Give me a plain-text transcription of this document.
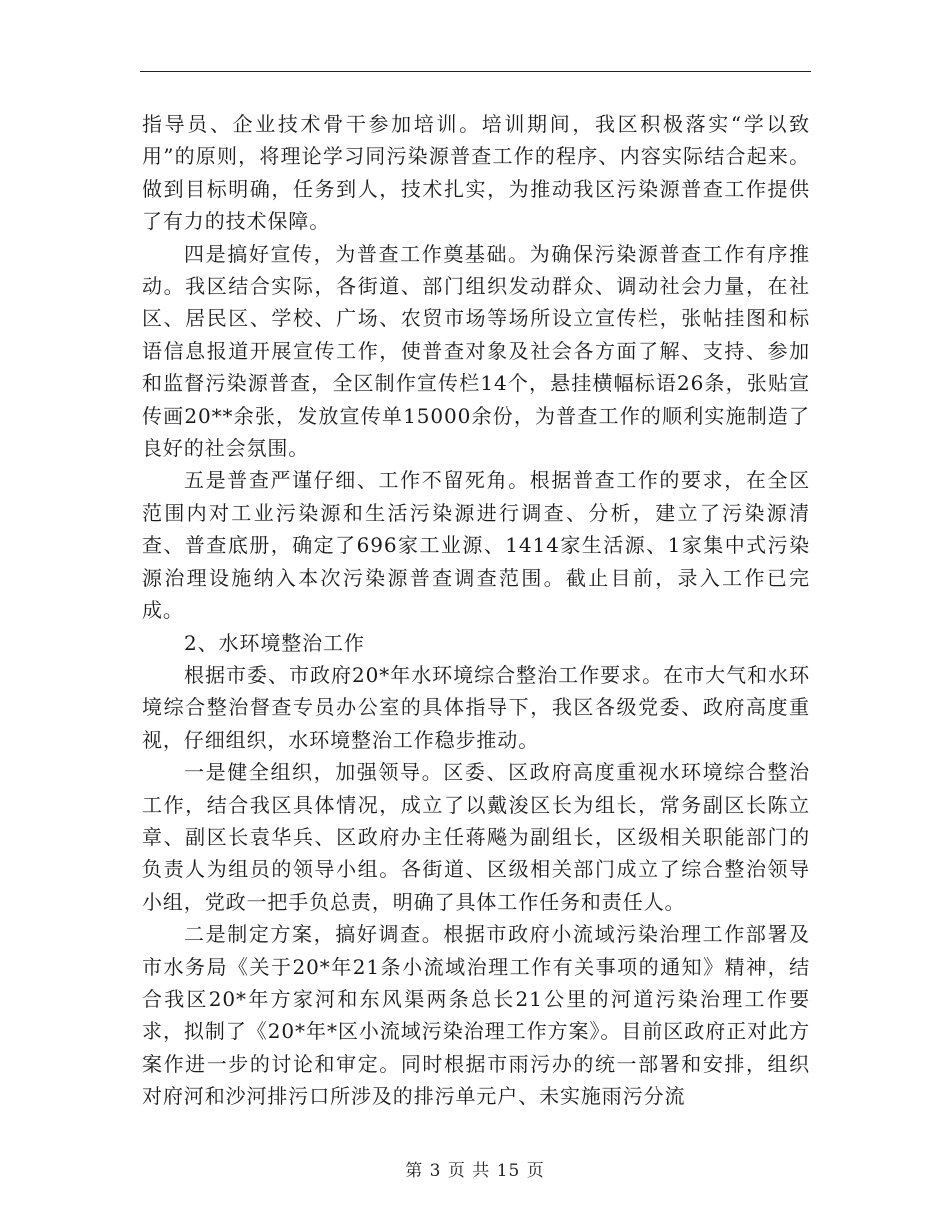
指导员、企业技术骨干参加培训。培训期间，我区积极落实“学以致用”的原则，将理论学习同污染源普查工作的程序、内容实际结合起来。做到目标明确，任务到人，技术扎实，为推动我区污染源普查工作提供了有力的技术保障。

四是搞好宣传，为普查工作奠基础。为确保污染源普查工作有序推动。我区结合实际，各街道、部门组织发动群众、调动社会力量，在社区、居民区、学校、广场、农贸市场等场所设立宣传栏，张帖挂图和标语信息报道开展宣传工作，使普查对象及社会各方面了解、支持、参加和监督污染源普查，全区制作宣传栏14个，悬挂横幅标语26条，张贴宣传画20**余张，发放宣传单15000余份，为普查工作的顺利实施制造了良好的社会氛围。

五是普查严谨仔细、工作不留死角。根据普查工作的要求，在全区范围内对工业污染源和生活污染源进行调查、分析，建立了污染源清查、普查底册，确定了696家工业源、1414家生活源、1家集中式污染源治理设施纳入本次污染源普查调查范围。截止目前，录入工作已完成。

2、水环境整治工作

根据市委、市政府20*年水环境综合整治工作要求。在市大气和水环境综合整治督查专员办公室的具体指导下，我区各级党委、政府高度重视，仔细组织，水环境整治工作稳步推动。

一是健全组织，加强领导。区委、区政府高度重视水环境综合整治工作，结合我区具体情况，成立了以戴浚区长为组长，常务副区长陈立章、副区长袁华兵、区政府办主任蒋飚为副组长，区级相关职能部门的负责人为组员的领导小组。各街道、区级相关部门成立了综合整治领导小组，党政一把手负总责，明确了具体工作任务和责任人。

二是制定方案，搞好调查。根据市政府小流域污染治理工作部署及市水务局《关于20*年21条小流域治理工作有关事项的通知》精神，结合我区20*年方家河和东风渠两条总长21公里的河道污染治理工作要求，拟制了《20*年*区小流域污染治理工作方案》。目前区政府正对此方案作进一步的讨论和审定。同时根据市雨污办的统一部署和安排，组织对府河和沙河排污口所涉及的排污单元户、未实施雨污分流

第 3 页 共 15 页
